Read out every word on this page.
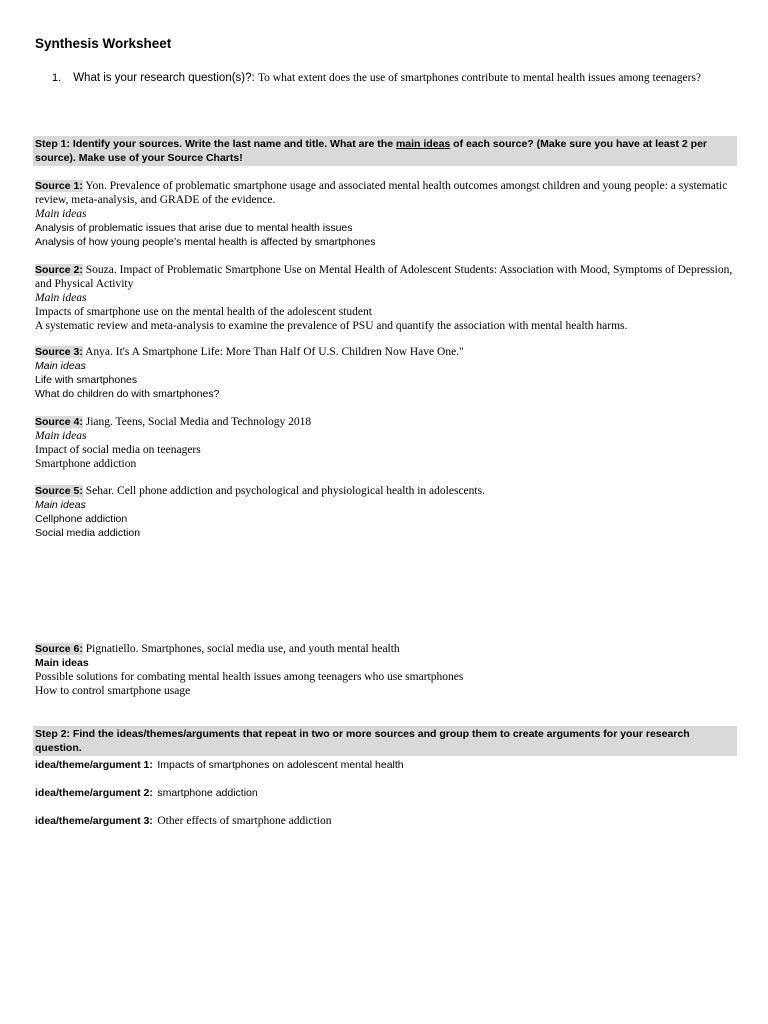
Synthesis Worksheet
1. What is your research question(s)?: To what extent does the use of smartphones contribute to mental health issues among teenagers?
Step 1: Identify your sources. Write the last name and title. What are the main ideas of each source? (Make sure you have at least 2 per source). Make use of your Source Charts!
Source 1: Yon. Prevalence of problematic smartphone usage and associated mental health outcomes amongst children and young people: a systematic review, meta-analysis, and GRADE of the evidence.
Main ideas
Analysis of problematic issues that arise due to mental health issues
Analysis of how young people’s mental health is affected by smartphones
Source 2: Souza. Impact of Problematic Smartphone Use on Mental Health of Adolescent Students: Association with Mood, Symptoms of Depression, and Physical Activity
Main ideas
Impacts of smartphone use on the mental health of the adolescent student
A systematic review and meta-analysis to examine the prevalence of PSU and quantify the association with mental health harms.
Source 3: Anya. It's A Smartphone Life: More Than Half Of U.S. Children Now Have One."
Main ideas
Life with smartphones
What do children do with smartphones?
Source 4: Jiang. Teens, Social Media and Technology 2018
Main ideas
Impact of social media on teenagers
Smartphone addiction
Source 5: Sehar. Cell phone addiction and psychological and physiological health in adolescents.
Main ideas
Cellphone addiction
Social media addiction
Source 6: Pignatiello. Smartphones, social media use, and youth mental health
Main ideas
Possible solutions for combating mental health issues among teenagers who use smartphones
How to control smartphone usage
Step 2: Find the ideas/themes/arguments that repeat in two or more sources and group them to create arguments for your research question.
idea/theme/argument 1: Impacts of smartphones on adolescent mental health
idea/theme/argument 2: smartphone addiction
idea/theme/argument 3: Other effects of smartphone addiction
